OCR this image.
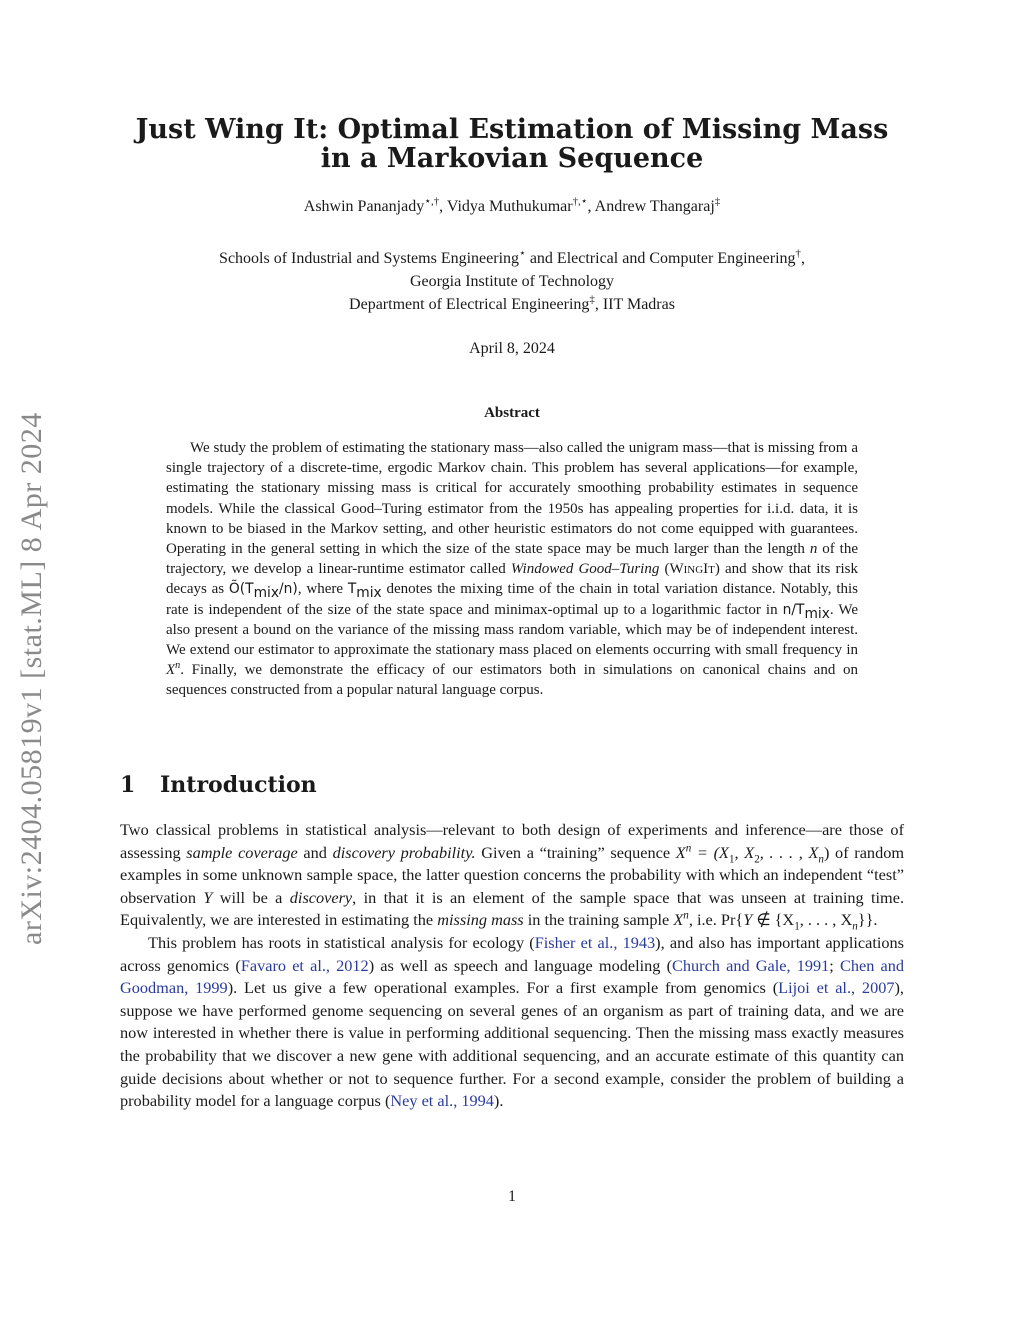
arXiv:2404.05819v1 [stat.ML] 8 Apr 2024
Just Wing It: Optimal Estimation of Missing Mass
in a Markovian Sequence
Ashwin Pananjady⋆,†, Vidya Muthukumar†,⋆, Andrew Thangaraj‡
Schools of Industrial and Systems Engineering⋆ and Electrical and Computer Engineering†,
Georgia Institute of Technology
Department of Electrical Engineering‡, IIT Madras
April 8, 2024
Abstract

We study the problem of estimating the stationary mass—also called the unigram mass—that is missing from a single trajectory of a discrete-time, ergodic Markov chain. This problem has several applications—for example, estimating the stationary missing mass is critical for accurately smoothing probability estimates in sequence models. While the classical Good–Turing estimator from the 1950s has appealing properties for i.i.d. data, it is known to be biased in the Markov setting, and other heuristic estimators do not come equipped with guarantees. Operating in the general setting in which the size of the state space may be much larger than the length n of the trajectory, we develop a linear-runtime estimator called Windowed Good–Turing (WingIt) and show that its risk decays as $Õ(T_{mix}/n)$, where $T_{mix}$ denotes the mixing time of the chain in total variation distance. Notably, this rate is independent of the size of the state space and minimax-optimal up to a logarithmic factor in $n/T_{mix}$. We also present a bound on the variance of the missing mass random variable, which may be of independent interest. We extend our estimator to approximate the stationary mass placed on elements occurring with small frequency in $X^n$. Finally, we demonstrate the efficacy of our estimators both in simulations on canonical chains and on sequences constructed from a popular natural language corpus.

1 Introduction

Two classical problems in statistical analysis—relevant to both design of experiments and inference—are those of assessing sample coverage and discovery probability. Given a “training” sequence $X^n = (X_1$, $X_2$, . . . , $X_n$) of random examples in some unknown sample space, the latter question concerns the probability with which an independent “test” observation Y will be a discovery, in that it is an element of the sample space that was unseen at training time. Equivalently, we are interested in estimating the missing mass in the training sample $X^n$, i.e. Pr{Y ∉ {$X_1$, . . . , $X_n$}}.

This problem has roots in statistical analysis for ecology (Fisher et al., 1943), and also has important applications across genomics (Favaro et al., 2012) as well as speech and language modeling (Church and Gale, 1991; Chen and Goodman, 1999). Let us give a few operational examples. For a first example from genomics (Lijoi et al., 2007), suppose we have performed genome sequencing on several genes of an organism as part of training data, and we are now interested in whether there is value in performing additional sequencing. Then the missing mass exactly measures the probability that we discover a new gene with additional sequencing, and an accurate estimate of this quantity can guide decisions about whether or not to sequence further. For a second example, consider the problem of building a probability model for a language corpus (Ney et al., 1994).

1
